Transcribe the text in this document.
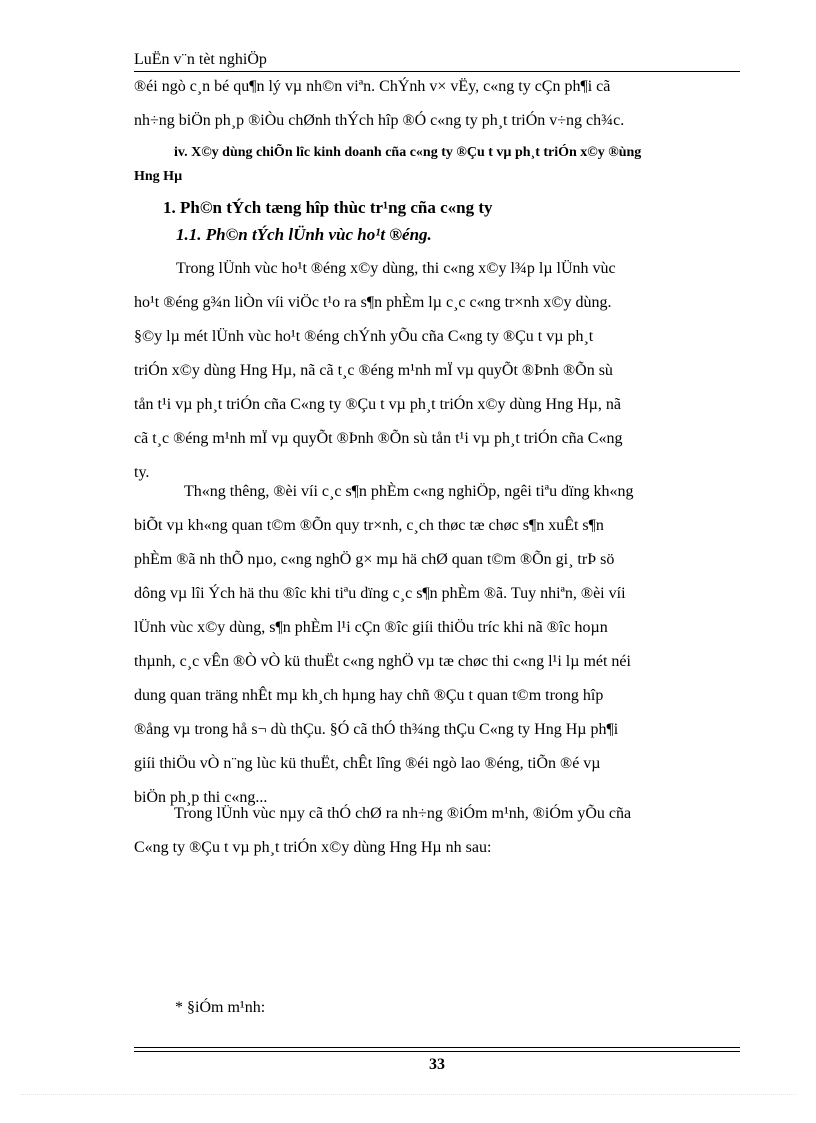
LuËn v¨n tèt nghiÖp
®éi ngò c¸n bé qu¶n lý vµ nh©n viªn. ChÝnh v× vËy, c«ng ty cÇn ph¶i cã
nh÷ng biÖn ph¸p ®iÒu chØnh thÝch hîp ®Ó c«ng ty ph¸t triÓn v÷ng ch¾c.
iv. X©y dùng chiÕn lîc kinh doanh cña c«ng ty ®Çu t vµ ph¸t triÓn x©y ®ùng
Hng Hµ
1. Ph©n tÝch tæng hîp thùc tr¹ng cña c«ng ty
1.1. Ph©n tÝch lÜnh vùc ho¹t ®éng.
Trong lÜnh vùc ho¹t ®éng x©y dùng, thi c«ng x©y l¾p lµ lÜnh vùc
ho¹t ®éng g¾n liÒn víi viÖc t¹o ra s¶n phÈm lµ c¸c c«ng tr×nh x©y dùng.
§©y lµ mét lÜnh vùc ho¹t ®éng chÝnh yÕu cña C«ng ty ®Çu t vµ ph¸t
triÓn x©y dùng Hng Hµ, nã cã t¸c ®éng m¹nh mÏ vµ quyÕt ®Þnh ®Õn sù
tån t¹i vµ ph¸t triÓn cña C«ng ty ®Çu t vµ ph¸t triÓn x©y dùng Hng Hµ, nã
cã t¸c ®éng m¹nh mÏ vµ quyÕt ®Þnh ®Õn sù tån t¹i vµ ph¸t triÓn cña C«ng
ty.
Th«ng thêng, ®èi víi c¸c s¶n phÈm c«ng nghiÖp, ngêi tiªu dïng kh«ng
biÕt vµ kh«ng quan t©m ®Õn quy tr×nh, c¸ch thøc tæ chøc s¶n xuÊt s¶n
phÈm ®ã nh thÕ nµo, c«ng nghÖ g× mµ hä chØ quan t©m ®Õn gi¸ trÞ sö
dông vµ lîi Ých hä thu ®îc khi tiªu dïng c¸c s¶n phÈm ®ã. Tuy nhiªn, ®èi víi
lÜnh vùc x©y dùng, s¶n phÈm l¹i cÇn ®îc giíi thiÖu tríc khi nã ®îc hoµn
thµnh, c¸c vÊn ®Ò vÒ kü thuËt c«ng nghÖ vµ tæ chøc thi c«ng l¹i lµ mét néi
dung quan träng nhÊt mµ kh¸ch hµng hay chñ ®Çu t quan t©m trong hîp
®ång vµ trong hå s¬ dù thÇu. §Ó cã thÓ th¾ng thÇu C«ng ty Hng Hµ ph¶i
giíi thiÖu vÒ n¨ng lùc kü thuËt, chÊt lîng ®éi ngò lao ®éng, tiÕn ®é vµ
biÖn ph¸p thi c«ng...
Trong lÜnh vùc nµy cã thÓ chØ ra nh÷ng ®iÓm m¹nh, ®iÓm yÕu cña
C«ng ty ®Çu t vµ ph¸t triÓn x©y dùng Hng Hµ nh sau:
* §iÓm m¹nh:
33
